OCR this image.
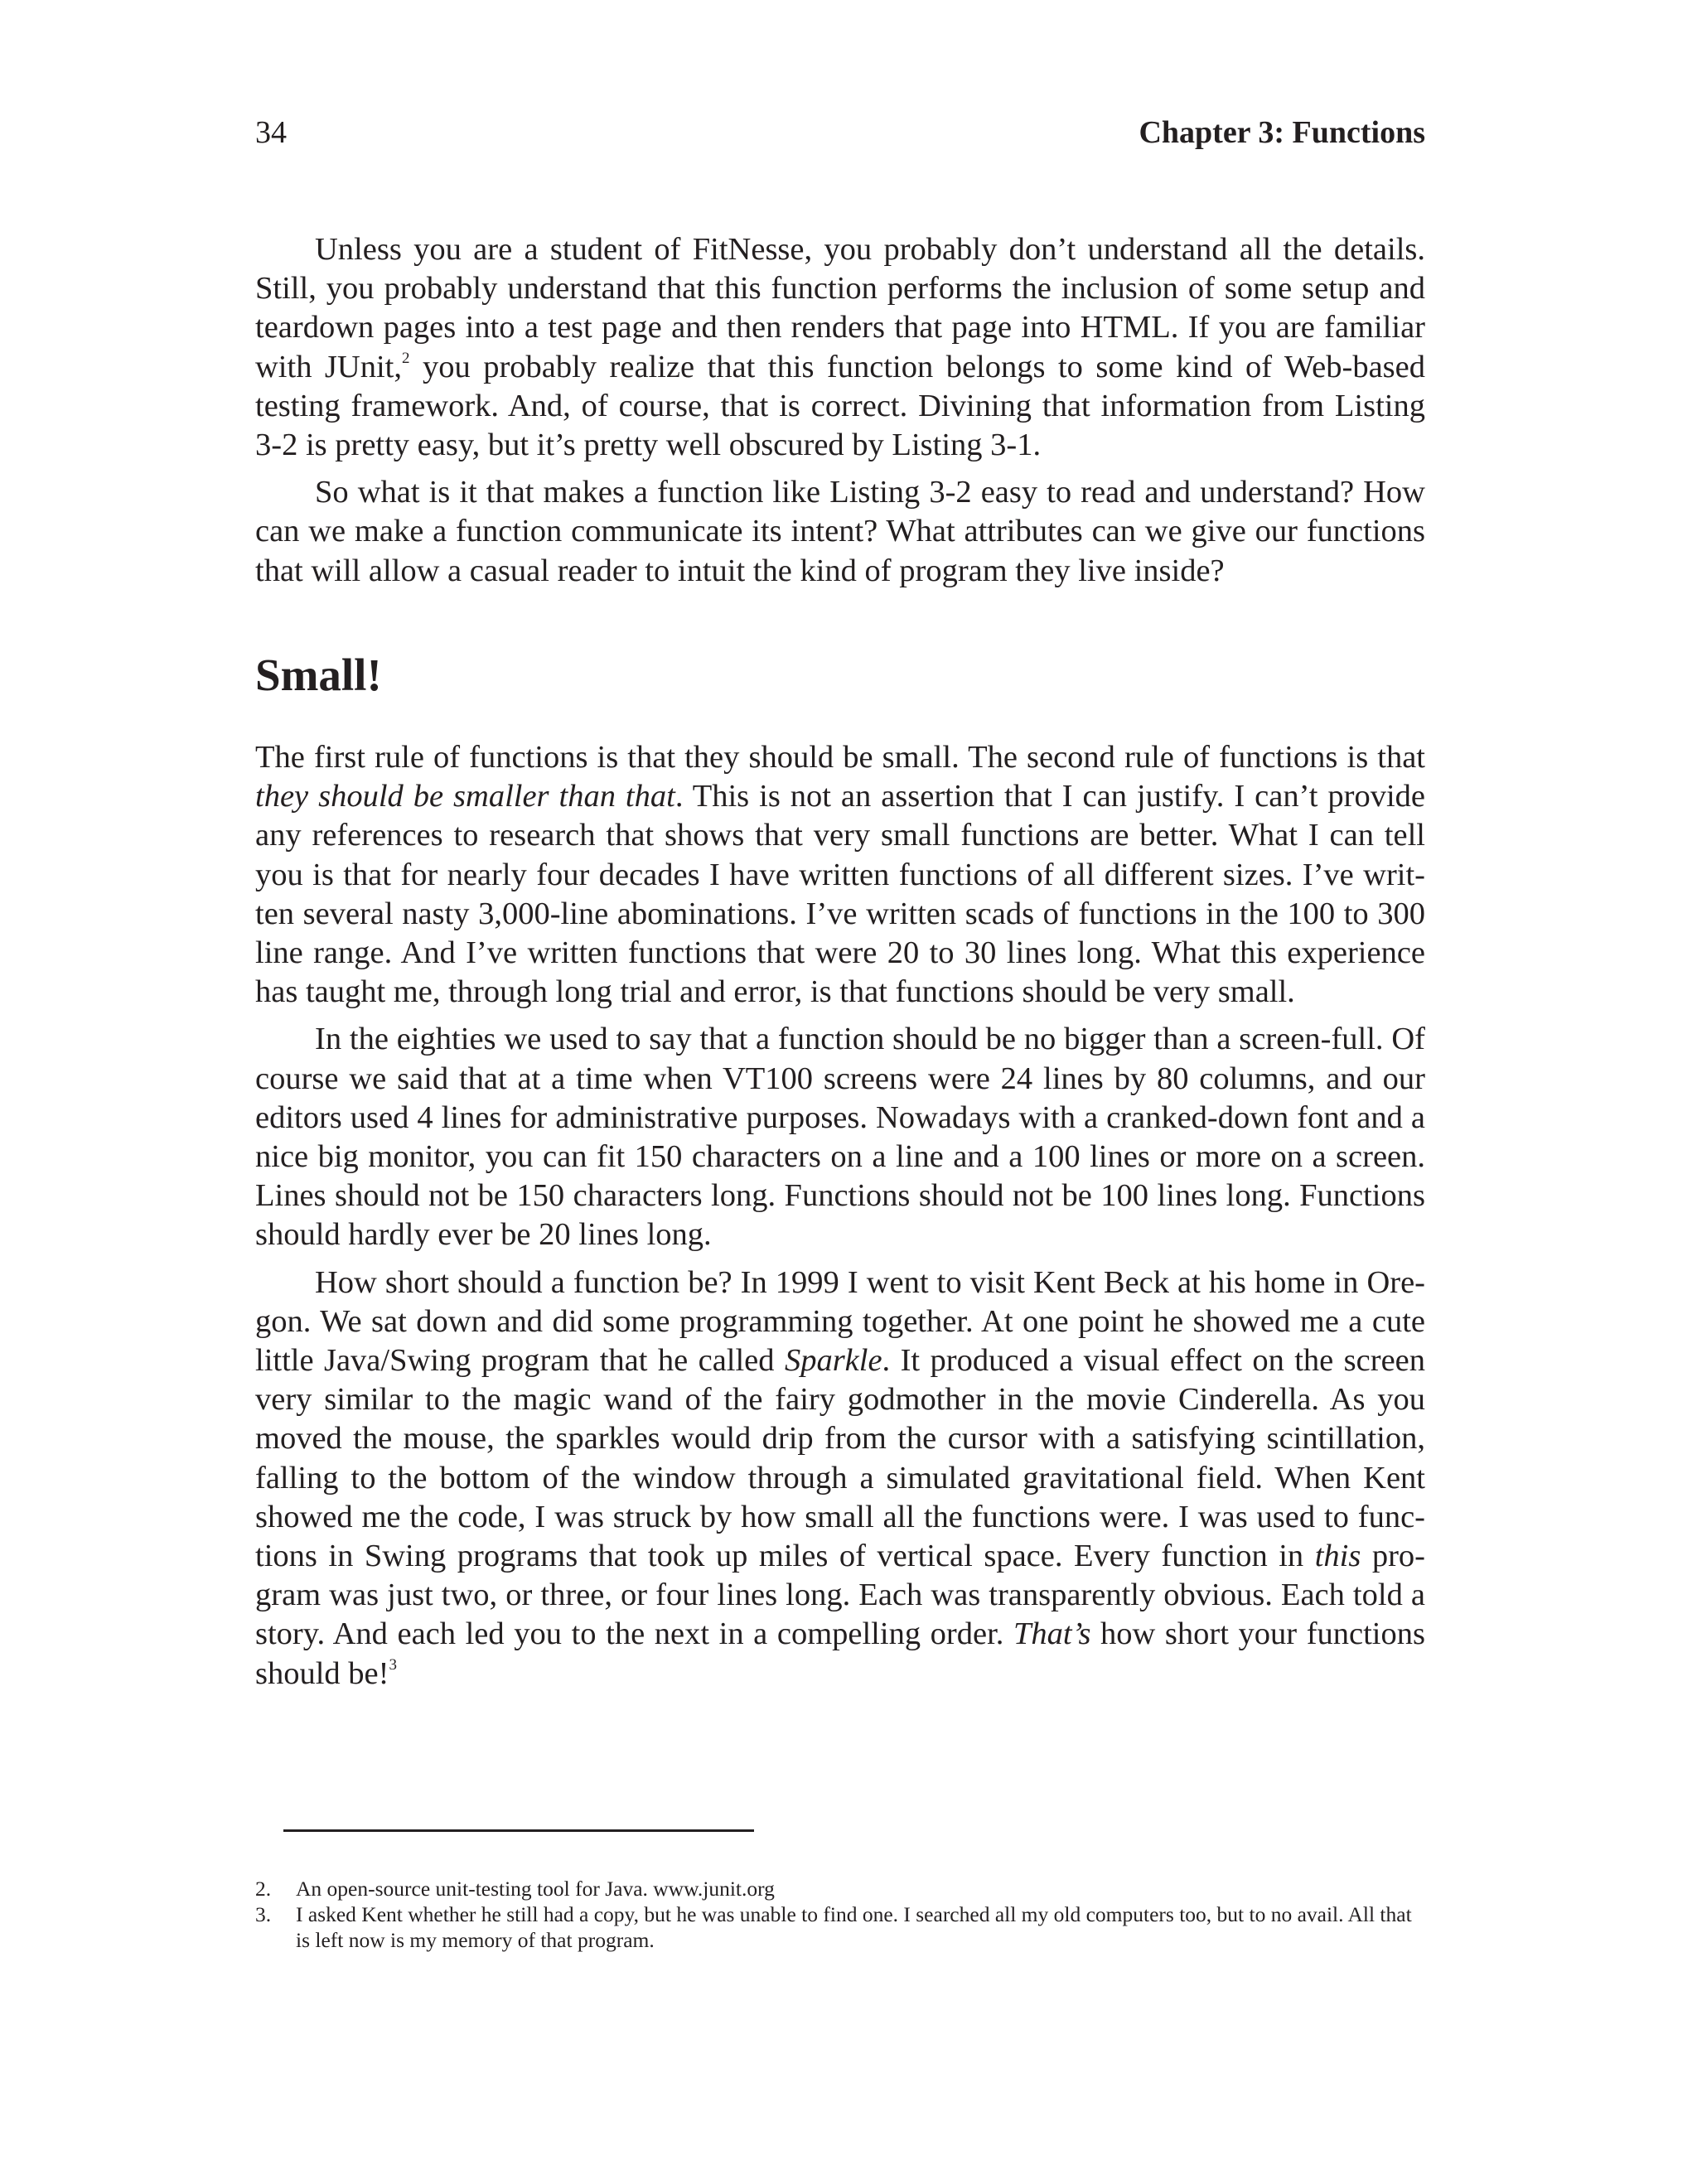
34	Chapter 3: Functions

Unless you are a student of FitNesse, you probably don’t understand all the details. Still, you probably understand that this function performs the inclusion of some setup and teardown pages into a test page and then renders that page into HTML. If you are familiar with JUnit,$^2$ you probably realize that this function belongs to some kind of Web-based testing framework. And, of course, that is correct. Divining that information from Listing 3-2 is pretty easy, but it’s pretty well obscured by Listing 3-1.

So what is it that makes a function like Listing 3-2 easy to read and understand? How can we make a function communicate its intent? What attributes can we give our functions that will allow a casual reader to intuit the kind of program they live inside?

Small!

The first rule of functions is that they should be small. The second rule of functions is that they should be smaller than that. This is not an assertion that I can justify. I can’t provide any references to research that shows that very small functions are better. What I can tell you is that for nearly four decades I have written functions of all different sizes. I’ve writ-ten several nasty 3,000-line abominations. I’ve written scads of functions in the 100 to 300 line range. And I’ve written functions that were 20 to 30 lines long. What this experience has taught me, through long trial and error, is that functions should be very small.

In the eighties we used to say that a function should be no bigger than a screen-full. Of course we said that at a time when VT100 screens were 24 lines by 80 columns, and our editors used 4 lines for administrative purposes. Nowadays with a cranked-down font and a nice big monitor, you can fit 150 characters on a line and a 100 lines or more on a screen. Lines should not be 150 characters long. Functions should not be 100 lines long. Functions should hardly ever be 20 lines long.

How short should a function be? In 1999 I went to visit Kent Beck at his home in Ore-gon. We sat down and did some programming together. At one point he showed me a cute little Java/Swing program that he called Sparkle. It produced a visual effect on the screen very similar to the magic wand of the fairy godmother in the movie Cinderella. As you moved the mouse, the sparkles would drip from the cursor with a satisfying scintillation, falling to the bottom of the window through a simulated gravitational field. When Kent showed me the code, I was struck by how small all the functions were. I was used to func-tions in Swing programs that took up miles of vertical space. Every function in this pro-gram was just two, or three, or four lines long. Each was transparently obvious. Each told a story. And each led you to the next in a compelling order. That’s how short your functions should be!$^3$

2. An open-source unit-testing tool for Java. www.junit.org
3. I asked Kent whether he still had a copy, but he was unable to find one. I searched all my old computers too, but to no avail. All that is left now is my memory of that program.
